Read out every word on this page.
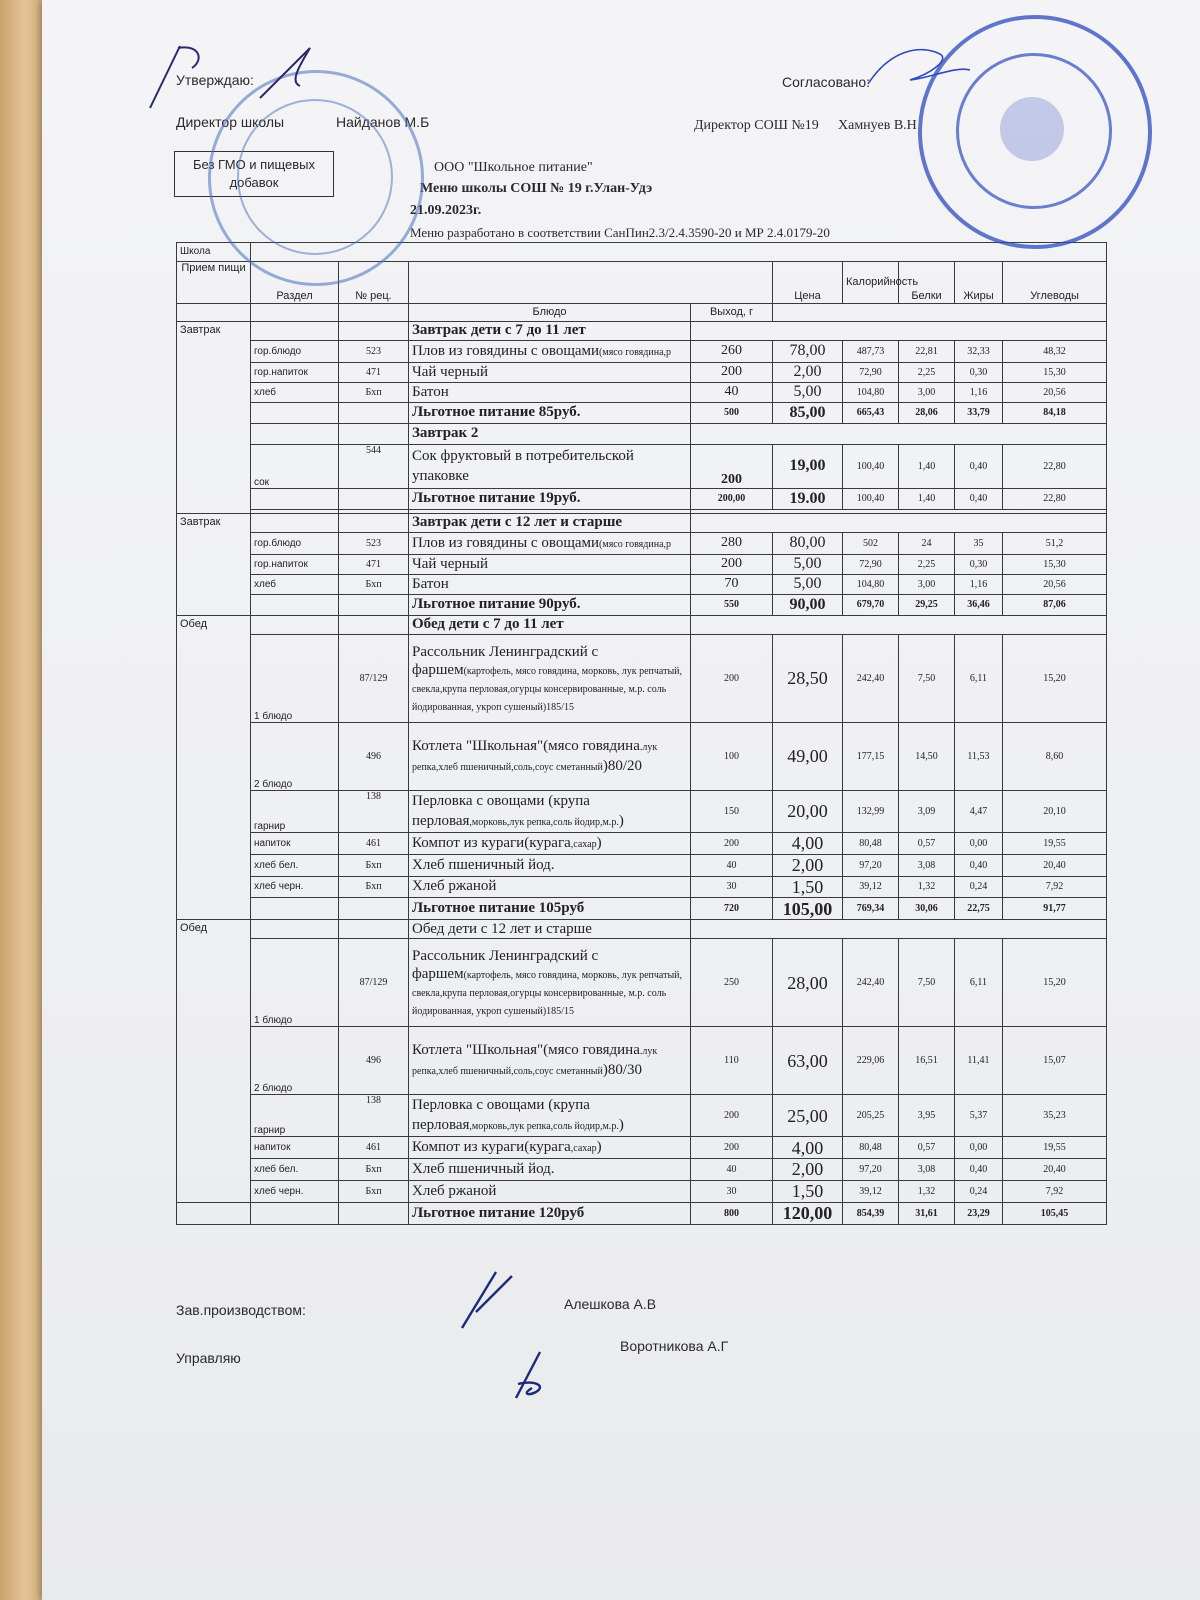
Утверждаю:
Директор школы	Найданов М.Б
Согласовано:
Директор СОШ №19 Хамнуев В.Н
Без ГМО и пищевых добавок
ООО "Школьное питание"
Меню школы СОШ № 19 г.Улан-Удэ
21.09.2023г.
Меню разработано в соответствии СанПин2.3/2.4.3590-20 и МР 2.4.0179-20
Школа									
Прием пищи	Раздел	№ рец.			Цена	Калорийность	Белки	Жиры	Углеводы
			Блюдо	Выход, г					
Завтрак			Завтрак дети с 7 до 11 лет						
	гор.блюдо	523	Плов из говядины с овощами(мясо говядина,р	260	78,00	487,73	22,81	32,33	48,32
	гор.напиток	471	Чай черный	200	2,00	72,90	2,25	0,30	15,30
	хлеб	Бхп	Батон	40	5,00	104,80	3,00	1,16	20,56
			Льготное питание 85руб.	500	85,00	665,43	28,06	33,79	84,18
			Завтрак 2						
	сок	544	Сок фруктовый в потребительской упаковке	200	19,00	100,40	1,40	0,40	22,80
			Льготное питание 19руб.	200,00	19.00	100,40	1,40	0,40	22,80

Завтрак			Завтрак дети с 12 лет и старше						
	гор.блюдо	523	Плов из говядины с овощами(мясо говядина,р	280	80,00	502	24	35	51,2
	гор.напиток	471	Чай черный	200	5,00	72,90	2,25	0,30	15,30
	хлеб	Бхп	Батон	70	5,00	104,80	3,00	1,16	20,56
			Льготное питание 90руб.	550	90,00	679,70	29,25	36,46	87,06
Обед			Обед дети с 7 до 11 лет						
	1 блюдо	87/129	Рассольник Ленинградский с фаршем(картофель, мясо говядина, морковь, лук репчатый, свекла,крупа перловая,огурцы консервированные, м.р. соль йодированная, укроп сушеный)185/15	200	28,50	242,40	7,50	6,11	15,20
	2 блюдо	496	Котлета "Школьная"(мясо говядина.лук репка,хлеб пшеничный,соль,соус сметанный)80/20	100	49,00	177,15	14,50	11,53	8,60
	гарнир	138	Перловка с овощами (крупа перловая,морковь,лук репка,соль йодир,м.р.)	150	20,00	132,99	3,09	4,47	20,10
	напиток	461	Компот из кураги(курага,сахар)	200	4,00	80,48	0,57	0,00	19,55
	хлеб бел.	Бхп	Хлеб пшеничный йод.	40	2,00	97,20	3,08	0,40	20,40
	хлеб черн.	Бхп	Хлеб ржаной	30	1,50	39,12	1,32	0,24	7,92
			Льготное питание 105руб	720	105,00	769,34	30,06	22,75	91,77
Обед			Обед дети с 12 лет и старше						
	1 блюдо	87/129	Рассольник Ленинградский с фаршем(картофель, мясо говядина, морковь, лук репчатый, свекла,крупа перловая,огурцы консервированные, м.р. соль йодированная, укроп сушеный)185/15	250	28,00	242,40	7,50	6,11	15,20
	2 блюдо	496	Котлета "Школьная"(мясо говядина.лук репка,хлеб пшеничный,соль,соус сметанный)80/30	110	63,00	229,06	16,51	11,41	15,07
	гарнир	138	Перловка с овощами (крупа перловая,морковь,лук репка,соль йодир,м.р.)	200	25,00	205,25	3,95	5,37	35,23
	напиток	461	Компот из кураги(курага,сахар)	200	4,00	80,48	0,57	0,00	19,55
	хлеб бел.	Бхп	Хлеб пшеничный йод.	40	2,00	97,20	3,08	0,40	20,40
	хлеб черн.	Бхп	Хлеб ржаной	30	1,50	39,12	1,32	0,24	7,92
			Льготное питание 120руб	800	120,00	854,39	31,61	23,29	105,45
Зав.производством:	Алешкова А.В
Управляю
Воротникова А.Г
